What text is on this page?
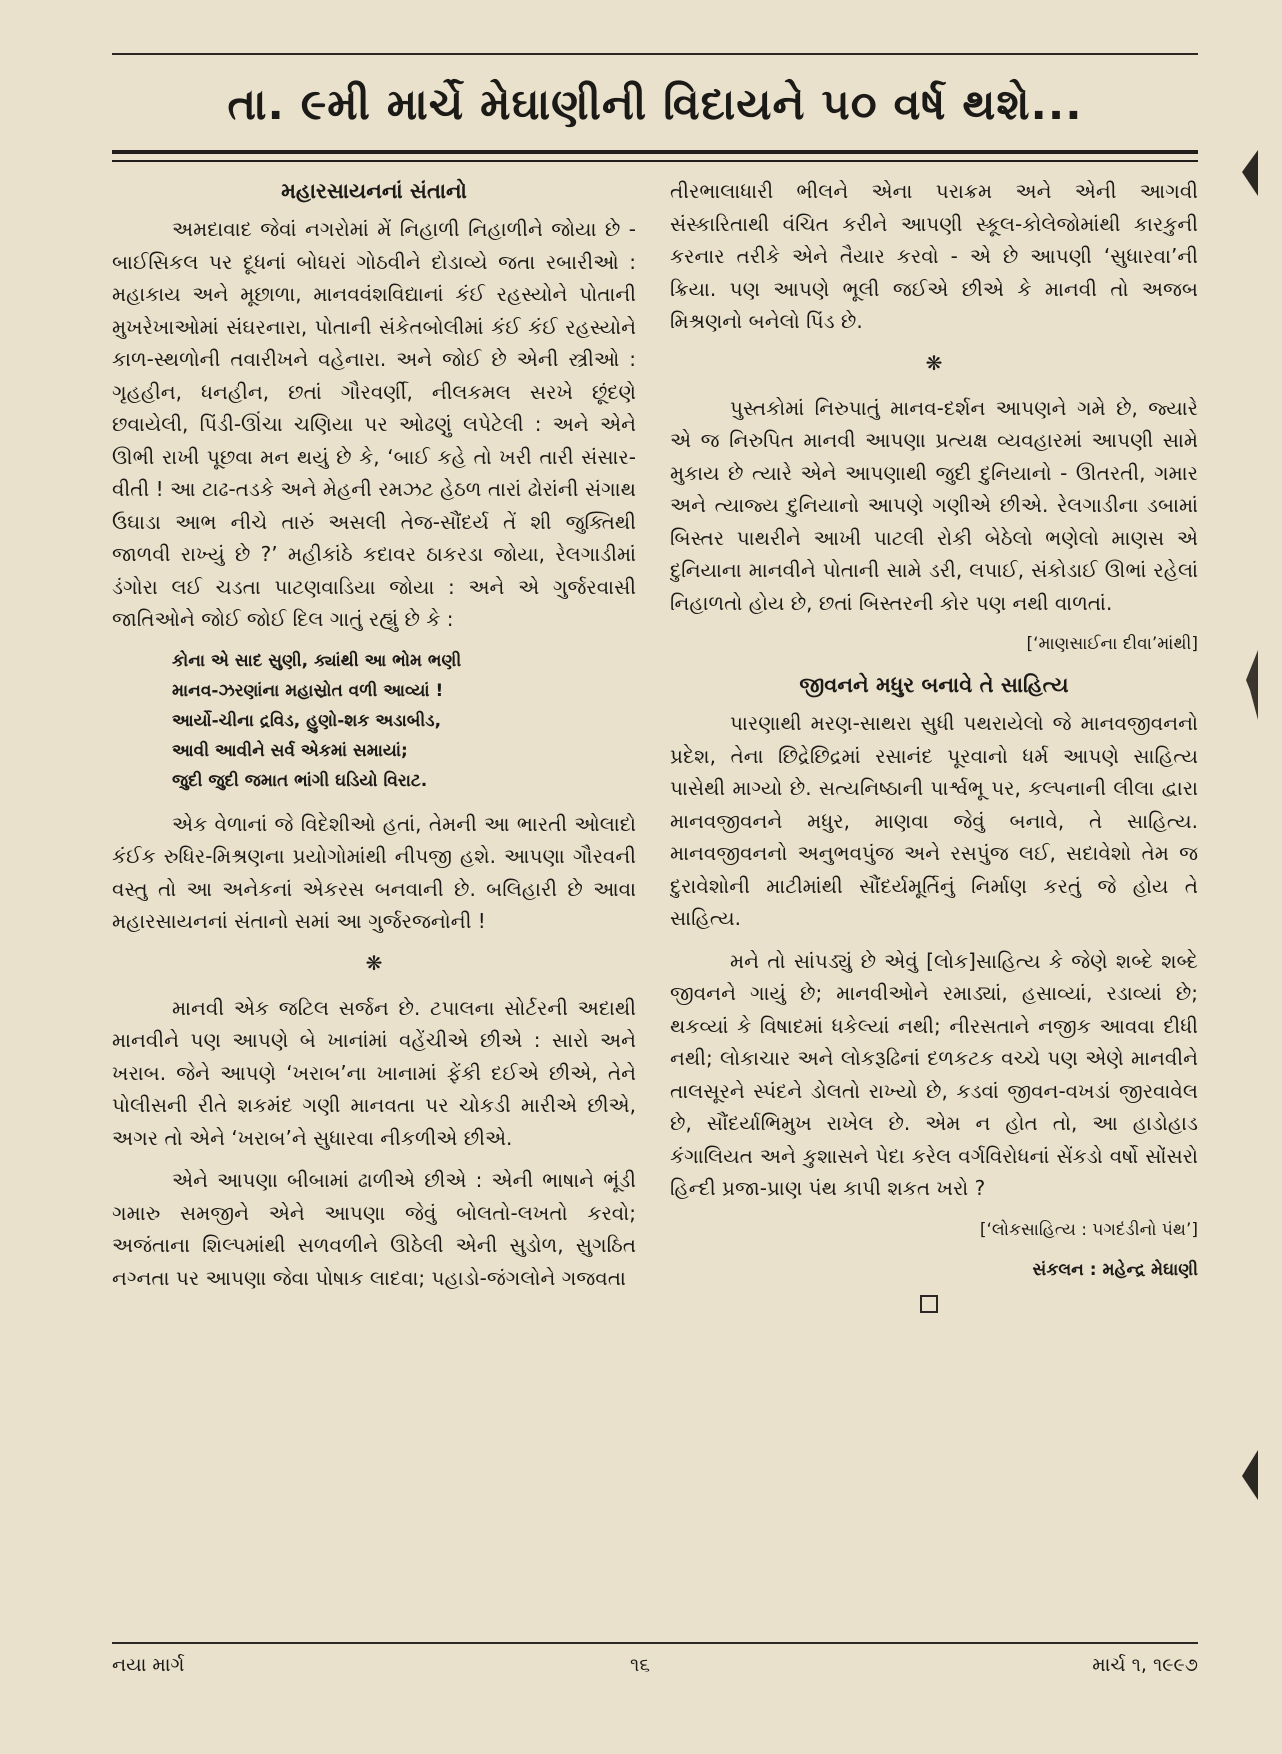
તા. ૯મી માર્ચે મેઘાણીની વિદાયને ૫૦ વર્ષ થશે...
મહારસાયનનાં સંતાનો

અમદાવાદ જેવાં નગરોમાં મેં નિહાળી નિહાળીને જોયા છે - બાઈસિકલ પર દૂધનાં બોઘરાં ગોઠવીને દોડાવ્યે જતા રબારીઓ : મહાકાય અને મૂછાળા, માનવવંશવિદ્યાનાં કંઈ રહસ્યોને પોતાની મુખરેખાઓમાં સંઘરનારા, પોતાની સંકેતબોલીમાં કંઈ કંઈ રહસ્યોને કાળ-સ્થળોની તવારીખને વહેનારા. અને જોઈ છે એની સ્ત્રીઓ : ગૃહહીન, ધનહીન, છતાં ગૌરવર્ણી, નીલકમલ સરખે છૂંદણે છવાયેલી, પિંડી-ઊંચા ચણિયા પર ઓઢણું લપેટેલી : અને એને ઊભી રાખી પૂછવા મન થયું છે કે, ‘બાઈ કહે તો ખરી તારી સંસાર-વીતી ! આ ટાઢ-તડકે અને મેહની રમઝટ હેઠળ તારાં ઢોરાંની સંગાથ ઉઘાડા આભ નીચે તારું અસલી તેજ-સૌંદર્ય તેં શી જુક્તિથી જાળવી રાખ્યું છે ?’ મહીકાંઠે કદાવર ઠાકરડા જોયા, રેલગાડીમાં ડંગોરા લઈ ચડતા પાટણવાડિયા જોયા : અને એ ગુર્જરવાસી જાતિઓને જોઈ જોઈ દિલ ગાતું રહ્યું છે કે :

કોના એ સાદ સુણી, ક્યાંથી આ ભોમ ભણી
માનવ-ઝરણાંના મહાસ્રોત વળી આવ્યાં !
આર્યો-ચીના દ્રવિડ, હુણો-શક અડાબીડ,
આવી આવીને સર્વ એકમાં સમાયાં;
જુદી જુદી જમાત ભાંગી ઘડિયો વિરાટ.

એક વેળાનાં જે વિદેશીઓ હતાં, તેમની આ ભારતી ઓલાદો કંઈક રુધિર-મિશ્રણના પ્રયોગોમાંથી નીપજી હશે. આપણા ગૌરવની વસ્તુ તો આ અનેકનાં એકરસ બનવાની છે. બલિહારી છે આવા મહારસાયનનાં સંતાનો સમાં આ ગુર્જરજનોની !

❋

માનવી એક જટિલ સર્જન છે. ટપાલના સોર્ટરની અદાથી માનવીને પણ આપણે બે ખાનાંમાં વહેંચીએ છીએ : સારો અને ખરાબ. જેને આપણે ‘ખરાબ’ના ખાનામાં ફેંકી દઈએ છીએ, તેને પોલીસની રીતે શકમંદ ગણી માનવતા પર ચોકડી મારીએ છીએ, અગર તો એને ‘ખરાબ’ને સુધારવા નીકળીએ છીએ.

એને આપણા બીબામાં ઢાળીએ છીએ : એની ભાષાને ભૂંડી ગમારુ સમજીને એને આપણા જેવું બોલતો-લખતો કરવો; અજંતાના શિલ્પમાંથી સળવળીને ઊઠેલી એની સુડોળ, સુગઠિત નગ્નતા પર આપણા જેવા પોષાક લાદવા; પહાડો-જંગલોને ગજવતા

તીરભાલાધારી ભીલને એના પરાક્રમ અને એની આગવી સંસ્કારિતાથી વંચિત કરીને આપણી સ્કૂલ-કોલેજોમાંથી કારકુની કરનાર તરીકે એને તૈયાર કરવો - એ છે આપણી ‘સુધારવા’ની ક્રિયા. પણ આપણે ભૂલી જઈએ છીએ કે માનવી તો અજબ મિશ્રણનો બનેલો પિંડ છે.

❋

પુસ્તકોમાં નિરુપાતું માનવ-દર્શન આપણને ગમે છે, જ્યારે એ જ નિરુપિત માનવી આપણા પ્રત્યક્ષ વ્યવહારમાં આપણી સામે મુકાય છે ત્યારે એને આપણાથી જુદી દુનિયાનો - ઊતરતી, ગમાર અને ત્યાજ્ય દુનિયાનો આપણે ગણીએ છીએ. રેલગાડીના ડબામાં બિસ્તર પાથરીને આખી પાટલી રોકી બેઠેલો ભણેલો માણસ એ દુનિયાના માનવીને પોતાની સામે ડરી, લપાઈ, સંકોડાઈ ઊભાં રહેલાં નિહાળતો હોય છે, છતાં બિસ્તરની કોર પણ નથી વાળતાં.

[‘માણસાઈના દીવા’માંથી]
જીવનને મધુર બનાવે તે સાહિત્ય

પારણાથી મરણ-સાથરા સુધી પથરાયેલો જે માનવજીવનનો પ્રદેશ, તેના છિદ્રેછિદ્રમાં રસાનંદ પૂરવાનો ધર્મ આપણે સાહિત્ય પાસેથી માગ્યો છે. સત્યનિષ્ઠાની પાર્શ્વભૂ પર, કલ્પનાની લીલા દ્વારા માનવજીવનને મધુર, માણવા જેવું બનાવે, તે સાહિત્ય. માનવજીવનનો અનુભવપુંજ અને રસપુંજ લઈ, સદાવેશો તેમ જ દુરાવેશોની માટીમાંથી સૌંદર્યમૂર્તિનું નિર્માણ કરતું જે હોય તે સાહિત્ય.

મને તો સાંપડ્યું છે એવું [લોક]સાહિત્ય કે જેણે શબ્દે શબ્દે જીવનને ગાયું છે; માનવીઓને રમાડ્યાં, હસાવ્યાં, રડાવ્યાં છે; થકવ્યાં કે વિષાદમાં ધકેલ્યાં નથી; નીરસતાને નજીક આવવા દીધી નથી; લોકાચાર અને લોકરૂઢિનાં દળકટક વચ્ચે પણ એણે માનવીને તાલસૂરને સ્પંદને ડોલતો રાખ્યો છે, કડવાં જીવન-વખડાં જીરવાવેલ છે, સૌંદર્યાભિમુખ રાખેલ છે. એમ ન હોત તો, આ હાડોહાડ કંગાલિયત અને કુશાસને પેદા કરેલ વર્ગવિરોધનાં સેંકડો વર્ષો સોંસરો હિન્દી પ્રજા-પ્રાણ પંથ કાપી શકત ખરો ?

[‘લોકસાહિત્ય : પગદંડીનો પંથ’]
સંકલન : મહેન્દ્ર મેઘાણી
નયા માર્ગ	૧૬	માર્ચ ૧, ૧૯૯૭
